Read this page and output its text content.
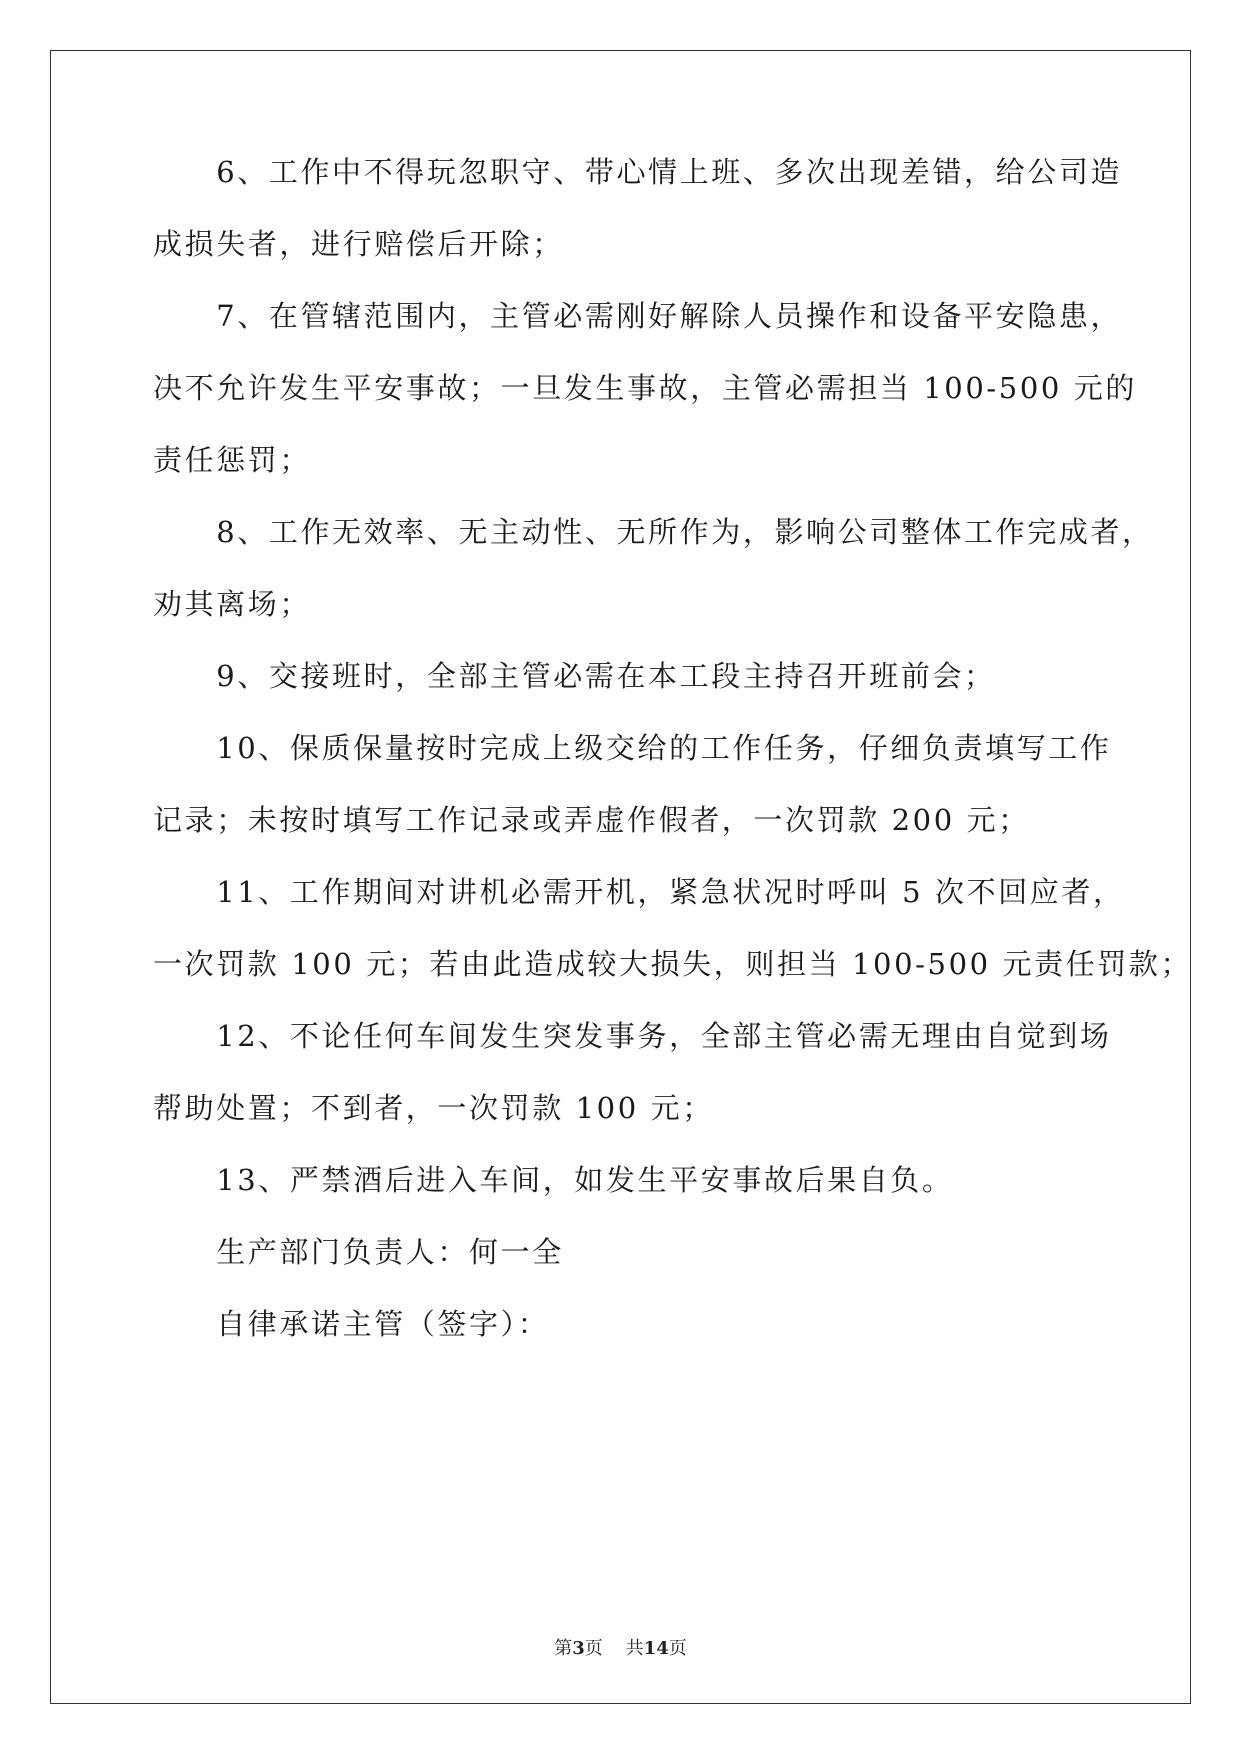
　　6、工作中不得玩忽职守、带心情上班、多次出现差错，给公司造
成损失者，进行赔偿后开除；
　　7、在管辖范围内，主管必需刚好解除人员操作和设备平安隐患，
决不允许发生平安事故；一旦发生事故，主管必需担当 100-500 元的
责任惩罚；
　　8、工作无效率、无主动性、无所作为，影响公司整体工作完成者，
劝其离场；
　　9、交接班时，全部主管必需在本工段主持召开班前会；
　　10、保质保量按时完成上级交给的工作任务，仔细负责填写工作
记录；未按时填写工作记录或弄虚作假者，一次罚款 200 元；
　　11、工作期间对讲机必需开机，紧急状况时呼叫 5 次不回应者，
一次罚款 100 元；若由此造成较大损失，则担当 100-500 元责任罚款；
　　12、不论任何车间发生突发事务，全部主管必需无理由自觉到场
帮助处置；不到者，一次罚款 100 元；
　　13、严禁酒后进入车间，如发生平安事故后果自负。
　　生产部门负责人：何一全
　　自律承诺主管（签字）：
第3页 共14页
